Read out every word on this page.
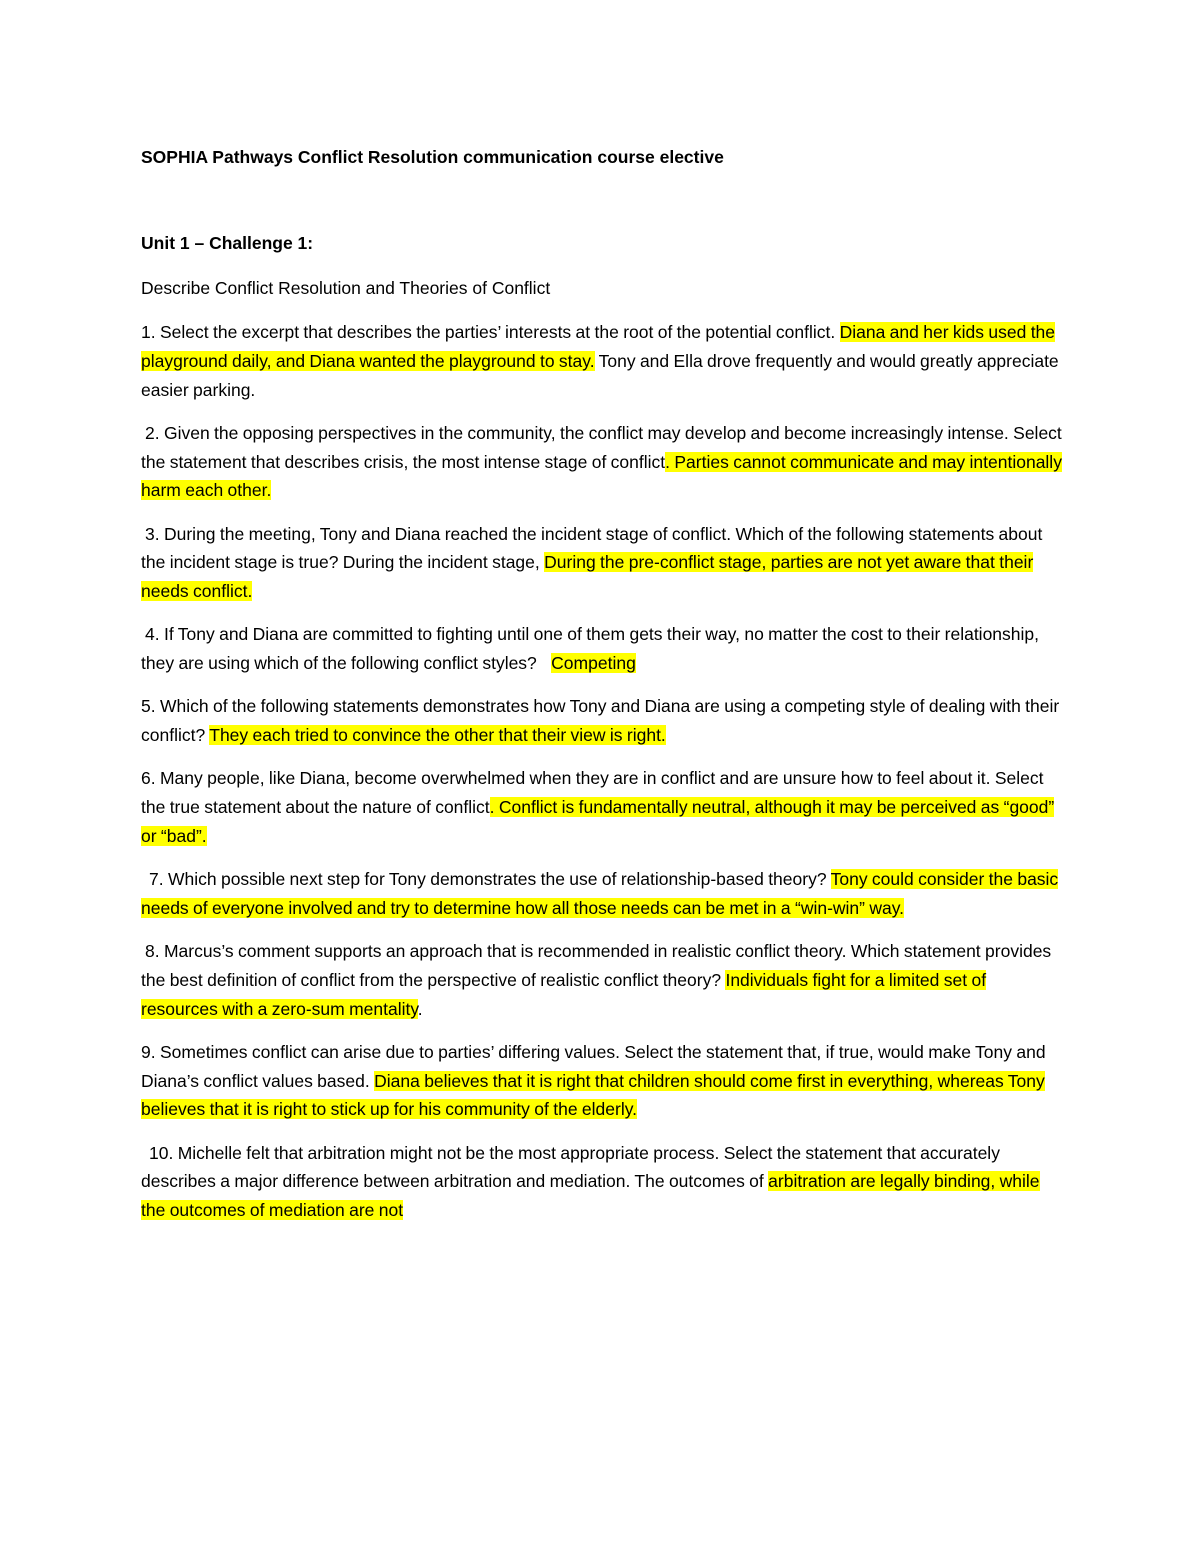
SOPHIA Pathways Conflict Resolution communication course elective

Unit 1 – Challenge 1:

Describe Conflict Resolution and Theories of Conflict

1. Select the excerpt that describes the parties’ interests at the root of the potential conflict. Diana and her kids used the playground daily, and Diana wanted the playground to stay. Tony and Ella drove frequently and would greatly appreciate easier parking.

2. Given the opposing perspectives in the community, the conflict may develop and become increasingly intense. Select the statement that describes crisis, the most intense stage of conflict. Parties cannot communicate and may intentionally harm each other.

3. During the meeting, Tony and Diana reached the incident stage of conflict. Which of the following statements about the incident stage is true? During the incident stage, During the pre-conflict stage, parties are not yet aware that their needs conflict.

4. If Tony and Diana are committed to fighting until one of them gets their way, no matter the cost to their relationship, they are using which of the following conflict styles? Competing

5. Which of the following statements demonstrates how Tony and Diana are using a competing style of dealing with their conflict? They each tried to convince the other that their view is right.

6. Many people, like Diana, become overwhelmed when they are in conflict and are unsure how to feel about it. Select the true statement about the nature of conflict. Conflict is fundamentally neutral, although it may be perceived as “good” or “bad”.

7. Which possible next step for Tony demonstrates the use of relationship-based theory? Tony could consider the basic needs of everyone involved and try to determine how all those needs can be met in a “win-win” way.

8. Marcus’s comment supports an approach that is recommended in realistic conflict theory. Which statement provides the best definition of conflict from the perspective of realistic conflict theory? Individuals fight for a limited set of resources with a zero-sum mentality.

9. Sometimes conflict can arise due to parties’ differing values. Select the statement that, if true, would make Tony and Diana’s conflict values based. Diana believes that it is right that children should come first in everything, whereas Tony believes that it is right to stick up for his community of the elderly.

10. Michelle felt that arbitration might not be the most appropriate process. Select the statement that accurately describes a major difference between arbitration and mediation. The outcomes of arbitration are legally binding, while the outcomes of mediation are not
